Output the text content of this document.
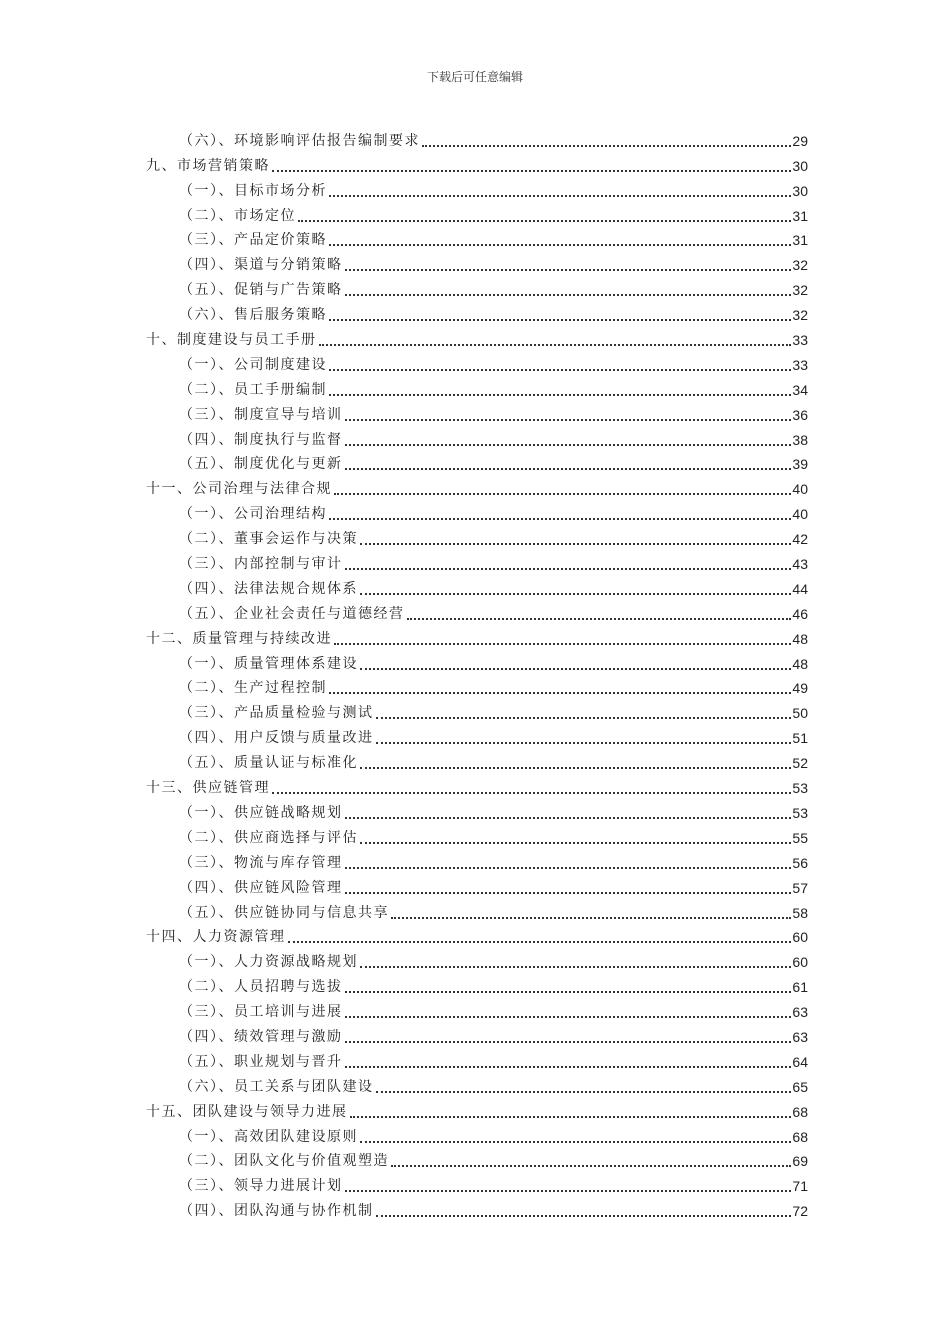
下载后可任意编辑
（六）、环境影响评估报告编制要求	29
九、市场营销策略	30
（一）、目标市场分析	30
（二）、市场定位	31
（三）、产品定价策略	31
（四）、渠道与分销策略	32
（五）、促销与广告策略	32
（六）、售后服务策略	32
十、制度建设与员工手册	33
（一）、公司制度建设	33
（二）、员工手册编制	34
（三）、制度宣导与培训	36
（四）、制度执行与监督	38
（五）、制度优化与更新	39
十一、公司治理与法律合规	40
（一）、公司治理结构	40
（二）、董事会运作与决策	42
（三）、内部控制与审计	43
（四）、法律法规合规体系	44
（五）、企业社会责任与道德经营	46
十二、质量管理与持续改进	48
（一）、质量管理体系建设	48
（二）、生产过程控制	49
（三）、产品质量检验与测试	50
（四）、用户反馈与质量改进	51
（五）、质量认证与标准化	52
十三、供应链管理	53
（一）、供应链战略规划	53
（二）、供应商选择与评估	55
（三）、物流与库存管理	56
（四）、供应链风险管理	57
（五）、供应链协同与信息共享	58
十四、人力资源管理	60
（一）、人力资源战略规划	60
（二）、人员招聘与选拔	61
（三）、员工培训与进展	63
（四）、绩效管理与激励	63
（五）、职业规划与晋升	64
（六）、员工关系与团队建设	65
十五、团队建设与领导力进展	68
（一）、高效团队建设原则	68
（二）、团队文化与价值观塑造	69
（三）、领导力进展计划	71
（四）、团队沟通与协作机制	72
